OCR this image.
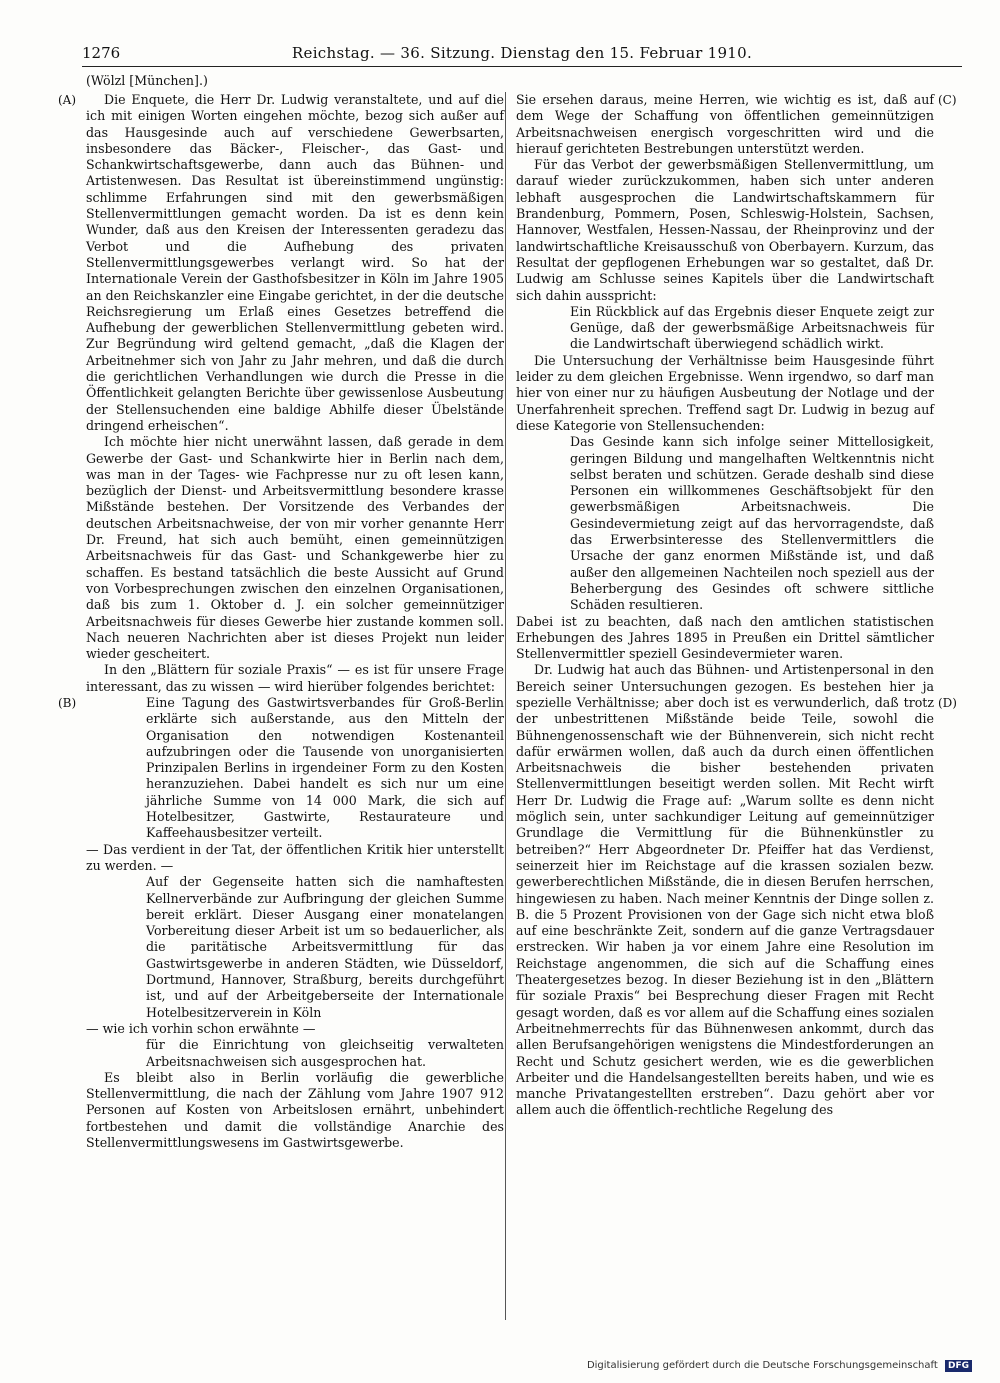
1276	Reichstag. — 36. Sitzung. Dienstag den 15. Februar 1910.
(Wölzl [München].)
(A)
(B)
(C)
(D)

Die Enquete, die Herr Dr. Ludwig veranstaltete, und auf die ich mit einigen Worten eingehen möchte, bezog sich außer auf das Hausgesinde auch auf verschiedene Gewerbsarten, insbesondere das Bäcker-, Fleischer-, das Gast- und Schankwirtschaftsgewerbe, dann auch das Bühnen- und Artistenwesen. Das Resultat ist übereinstimmend ungünstig: schlimme Erfahrungen sind mit den gewerbsmäßigen Stellenvermittlungen gemacht worden. Da ist es denn kein Wunder, daß aus den Kreisen der Interessenten geradezu das Verbot und die Aufhebung des privaten Stellenvermittlungsgewerbes verlangt wird. So hat der Internationale Verein der Gasthofsbesitzer in Köln im Jahre 1905 an den Reichskanzler eine Eingabe gerichtet, in der die deutsche Reichsregierung um Erlaß eines Gesetzes betreffend die Aufhebung der gewerblichen Stellenvermittlung gebeten wird. Zur Begründung wird geltend gemacht, „daß die Klagen der Arbeitnehmer sich von Jahr zu Jahr mehren, und daß die durch die gerichtlichen Verhandlungen wie durch die Presse in die Öffentlichkeit gelangten Berichte über gewissenlose Ausbeutung der Stellensuchenden eine baldige Abhilfe dieser Übelstände dringend erheischen“.

Ich möchte hier nicht unerwähnt lassen, daß gerade in dem Gewerbe der Gast- und Schankwirte hier in Berlin nach dem, was man in der Tages- wie Fachpresse nur zu oft lesen kann, bezüglich der Dienst- und Arbeitsvermittlung besondere krasse Mißstände bestehen. Der Vorsitzende des Verbandes der deutschen Arbeitsnachweise, der von mir vorher genannte Herr Dr. Freund, hat sich auch bemüht, einen gemeinnützigen Arbeitsnachweis für das Gast- und Schankgewerbe hier zu schaffen. Es bestand tatsächlich die beste Aussicht auf Grund von Vorbesprechungen zwischen den einzelnen Organisationen, daß bis zum 1. Oktober d. J. ein solcher gemeinnütziger Arbeitsnachweis für dieses Gewerbe hier zustande kommen soll. Nach neueren Nachrichten aber ist dieses Projekt nun leider wieder gescheitert.

In den „Blättern für soziale Praxis“ — es ist für unsere Frage interessant, das zu wissen — wird hierüber folgendes berichtet:

Eine Tagung des Gastwirtsverbandes für Groß-Berlin erklärte sich außerstande, aus den Mitteln der Organisation den notwendigen Kostenanteil aufzubringen oder die Tausende von unorganisierten Prinzipalen Berlins in irgendeiner Form zu den Kosten heranzuziehen. Dabei handelt es sich nur um eine jährliche Summe von 14 000 Mark, die sich auf Hotelbesitzer, Gastwirte, Restaurateure und Kaffeehausbesitzer verteilt.

— Das verdient in der Tat, der öffentlichen Kritik hier unterstellt zu werden. —

Auf der Gegenseite hatten sich die namhaftesten Kellnerverbände zur Aufbringung der gleichen Summe bereit erklärt. Dieser Ausgang einer monatelangen Vorbereitung dieser Arbeit ist um so bedauerlicher, als die paritätische Arbeitsvermittlung für das Gastwirtsgewerbe in anderen Städten, wie Düsseldorf, Dortmund, Hannover, Straßburg, bereits durchgeführt ist, und auf der Arbeitgeberseite der Internationale Hotelbesitzerverein in Köln

— wie ich vorhin schon erwähnte —

für die Einrichtung von gleichseitig verwalteten Arbeitsnachweisen sich ausgesprochen hat.

Es bleibt also in Berlin vorläufig die gewerbliche Stellenvermittlung, die nach der Zählung vom Jahre 1907 912 Personen auf Kosten von Arbeitslosen ernährt, unbehindert fortbestehen und damit die vollständige Anarchie des Stellenvermittlungswesens im Gastwirtsgewerbe.

Sie ersehen daraus, meine Herren, wie wichtig es ist, daß auf dem Wege der Schaffung von öffentlichen gemeinnützigen Arbeitsnachweisen energisch vorgeschritten wird und die hierauf gerichteten Bestrebungen unterstützt werden.

Für das Verbot der gewerbsmäßigen Stellenvermittlung, um darauf wieder zurückzukommen, haben sich unter anderen lebhaft ausgesprochen die Landwirtschaftskammern für Brandenburg, Pommern, Posen, Schleswig-Holstein, Sachsen, Hannover, Westfalen, Hessen-Nassau, der Rheinprovinz und der landwirtschaftliche Kreisausschuß von Oberbayern. Kurzum, das Resultat der gepflogenen Erhebungen war so gestaltet, daß Dr. Ludwig am Schlusse seines Kapitels über die Landwirtschaft sich dahin ausspricht:

Ein Rückblick auf das Ergebnis dieser Enquete zeigt zur Genüge, daß der gewerbsmäßige Arbeitsnachweis für die Landwirtschaft überwiegend schädlich wirkt.

Die Untersuchung der Verhältnisse beim Hausgesinde führt leider zu dem gleichen Ergebnisse. Wenn irgendwo, so darf man hier von einer nur zu häufigen Ausbeutung der Notlage und der Unerfahrenheit sprechen. Treffend sagt Dr. Ludwig in bezug auf diese Kategorie von Stellensuchenden:

Das Gesinde kann sich infolge seiner Mittellosigkeit, geringen Bildung und mangelhaften Weltkenntnis nicht selbst beraten und schützen. Gerade deshalb sind diese Personen ein willkommenes Geschäftsobjekt für den gewerbsmäßigen Arbeitsnachweis. Die Gesindevermietung zeigt auf das hervorragendste, daß das Erwerbsinteresse des Stellenvermittlers die Ursache der ganz enormen Mißstände ist, und daß außer den allgemeinen Nachteilen noch speziell aus der Beherbergung des Gesindes oft schwere sittliche Schäden resultieren.

Dabei ist zu beachten, daß nach den amtlichen statistischen Erhebungen des Jahres 1895 in Preußen ein Drittel sämtlicher Stellenvermittler speziell Gesindevermieter waren.

Dr. Ludwig hat auch das Bühnen- und Artistenpersonal in den Bereich seiner Untersuchungen gezogen. Es bestehen hier ja spezielle Verhältnisse; aber doch ist es verwunderlich, daß trotz der unbestrittenen Mißstände beide Teile, sowohl die Bühnengenossenschaft wie der Bühnenverein, sich nicht recht dafür erwärmen wollen, daß auch da durch einen öffentlichen Arbeitsnachweis die bisher bestehenden privaten Stellenvermittlungen beseitigt werden sollen. Mit Recht wirft Herr Dr. Ludwig die Frage auf: „Warum sollte es denn nicht möglich sein, unter sachkundiger Leitung auf gemeinnütziger Grundlage die Vermittlung für die Bühnenkünstler zu betreiben?“ Herr Abgeordneter Dr. Pfeiffer hat das Verdienst, seinerzeit hier im Reichstage auf die krassen sozialen bezw. gewerberechtlichen Mißstände, die in diesen Berufen herrschen, hingewiesen zu haben. Nach meiner Kenntnis der Dinge sollen z. B. die 5 Prozent Provisionen von der Gage sich nicht etwa bloß auf eine beschränkte Zeit, sondern auf die ganze Vertragsdauer erstrecken. Wir haben ja vor einem Jahre eine Resolution im Reichstage angenommen, die sich auf die Schaffung eines Theatergesetzes bezog. In dieser Beziehung ist in den „Blättern für soziale Praxis“ bei Besprechung dieser Fragen mit Recht gesagt worden, daß es vor allem auf die Schaffung eines sozialen Arbeitnehmerrechts für das Bühnenwesen ankommt, durch das allen Berufsangehörigen wenigstens die Mindestforderungen an Recht und Schutz gesichert werden, wie es die gewerblichen Arbeiter und die Handelsangestellten bereits haben, und wie es manche Privatangestellten erstreben“. Dazu gehört aber vor allem auch die öffentlich-rechtliche Regelung des

Digitalisierung gefördert durch die Deutsche Forschungsgemeinschaft DFG
